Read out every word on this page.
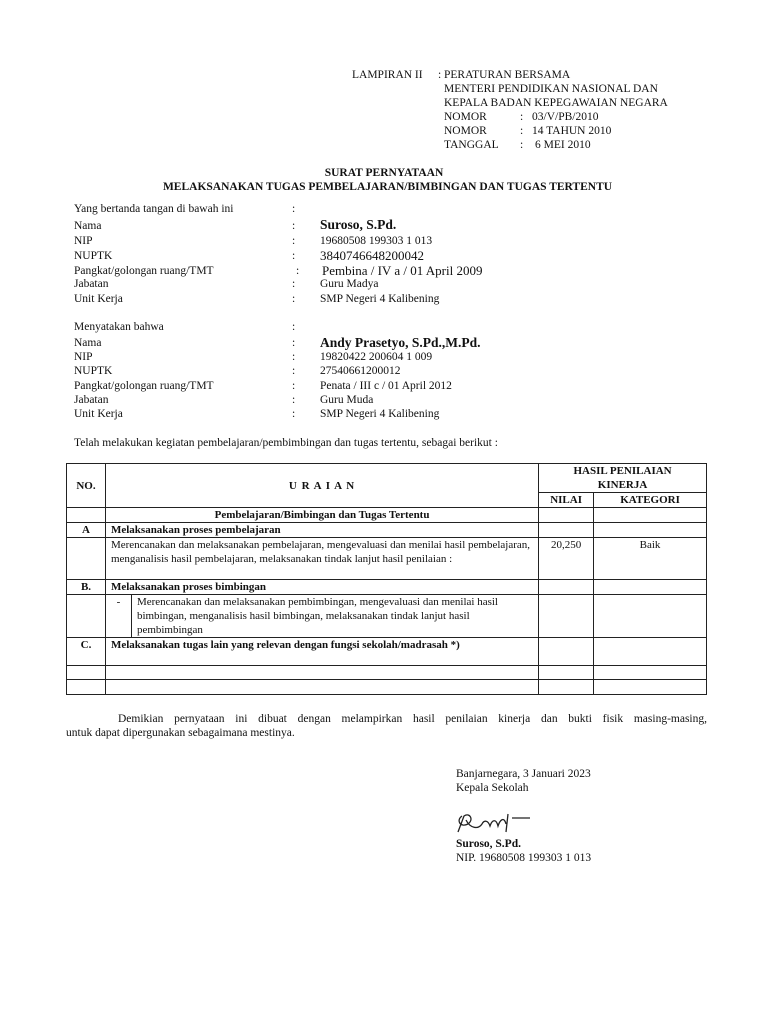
LAMPIRAN II : PERATURAN BERSAMA
MENTERI PENDIDIKAN NASIONAL DAN
KEPALA BADAN KEPEGAWAIAN NEGARA
NOMOR	: 03/V/PB/2010
NOMOR	: 14 TAHUN 2010
TANGGAL : 6 MEI 2010
SURAT PERNYATAAN
MELAKSANAKAN TUGAS PEMBELAJARAN/BIMBINGAN DAN TUGAS TERTENTU
Yang bertanda tangan di bawah ini	:
Nama	: Suroso, S.Pd.
NIP	: 19680508 199303 1 013
NUPTK	: 3840746648200042
Pangkat/golongan ruang/TMT	: Pembina / IV a / 01 April 2009
Jabatan	: Guru Madya
Unit Kerja	: SMP Negeri 4 Kalibening
Menyatakan bahwa	:
Nama	: Andy Prasetyo, S.Pd.,M.Pd.
NIP	: 19820422 200604 1 009
NUPTK	: 27540661200012
Pangkat/golongan ruang/TMT	: Penata / III c / 01 April 2012
Jabatan	: Guru Muda
Unit Kerja	: SMP Negeri 4 Kalibening
Telah melakukan kegiatan pembelajaran/pembimbingan dan tugas tertentu, sebagai berikut :
NO.	U R A I A N		HASIL PENILAIAN KINERJA	
			NILAI	KATEGORI
	Pembelajaran/Bimbingan dan Tugas Tertentu			
A	Melaksanakan proses pembelajaran			
	Merencanakan dan melaksanakan pembelajaran, mengevaluasi dan menilai hasil pembelajaran, menganalisis hasil pembelajaran, melaksanakan tindak lanjut hasil penilaian :		20,250	Baik
B.	Melaksanakan proses bimbingan			
	-	Merencanakan dan melaksanakan pembimbingan, mengevaluasi dan menilai hasil bimbingan, menganalisis hasil bimbingan, melaksanakan tindak lanjut hasil pembimbingan		
C.	Melaksanakan tugas lain yang relevan dengan fungsi sekolah/madrasah *)			

Demikian pernyataan ini dibuat dengan melampirkan hasil penilaian kinerja dan bukti fisik masing-masing,
untuk dapat dipergunakan sebagaimana mestinya.
Banjarnegara, 3 Januari 2023
Kepala Sekolah
Suroso, S.Pd.
NIP. 19680508 199303 1 013
